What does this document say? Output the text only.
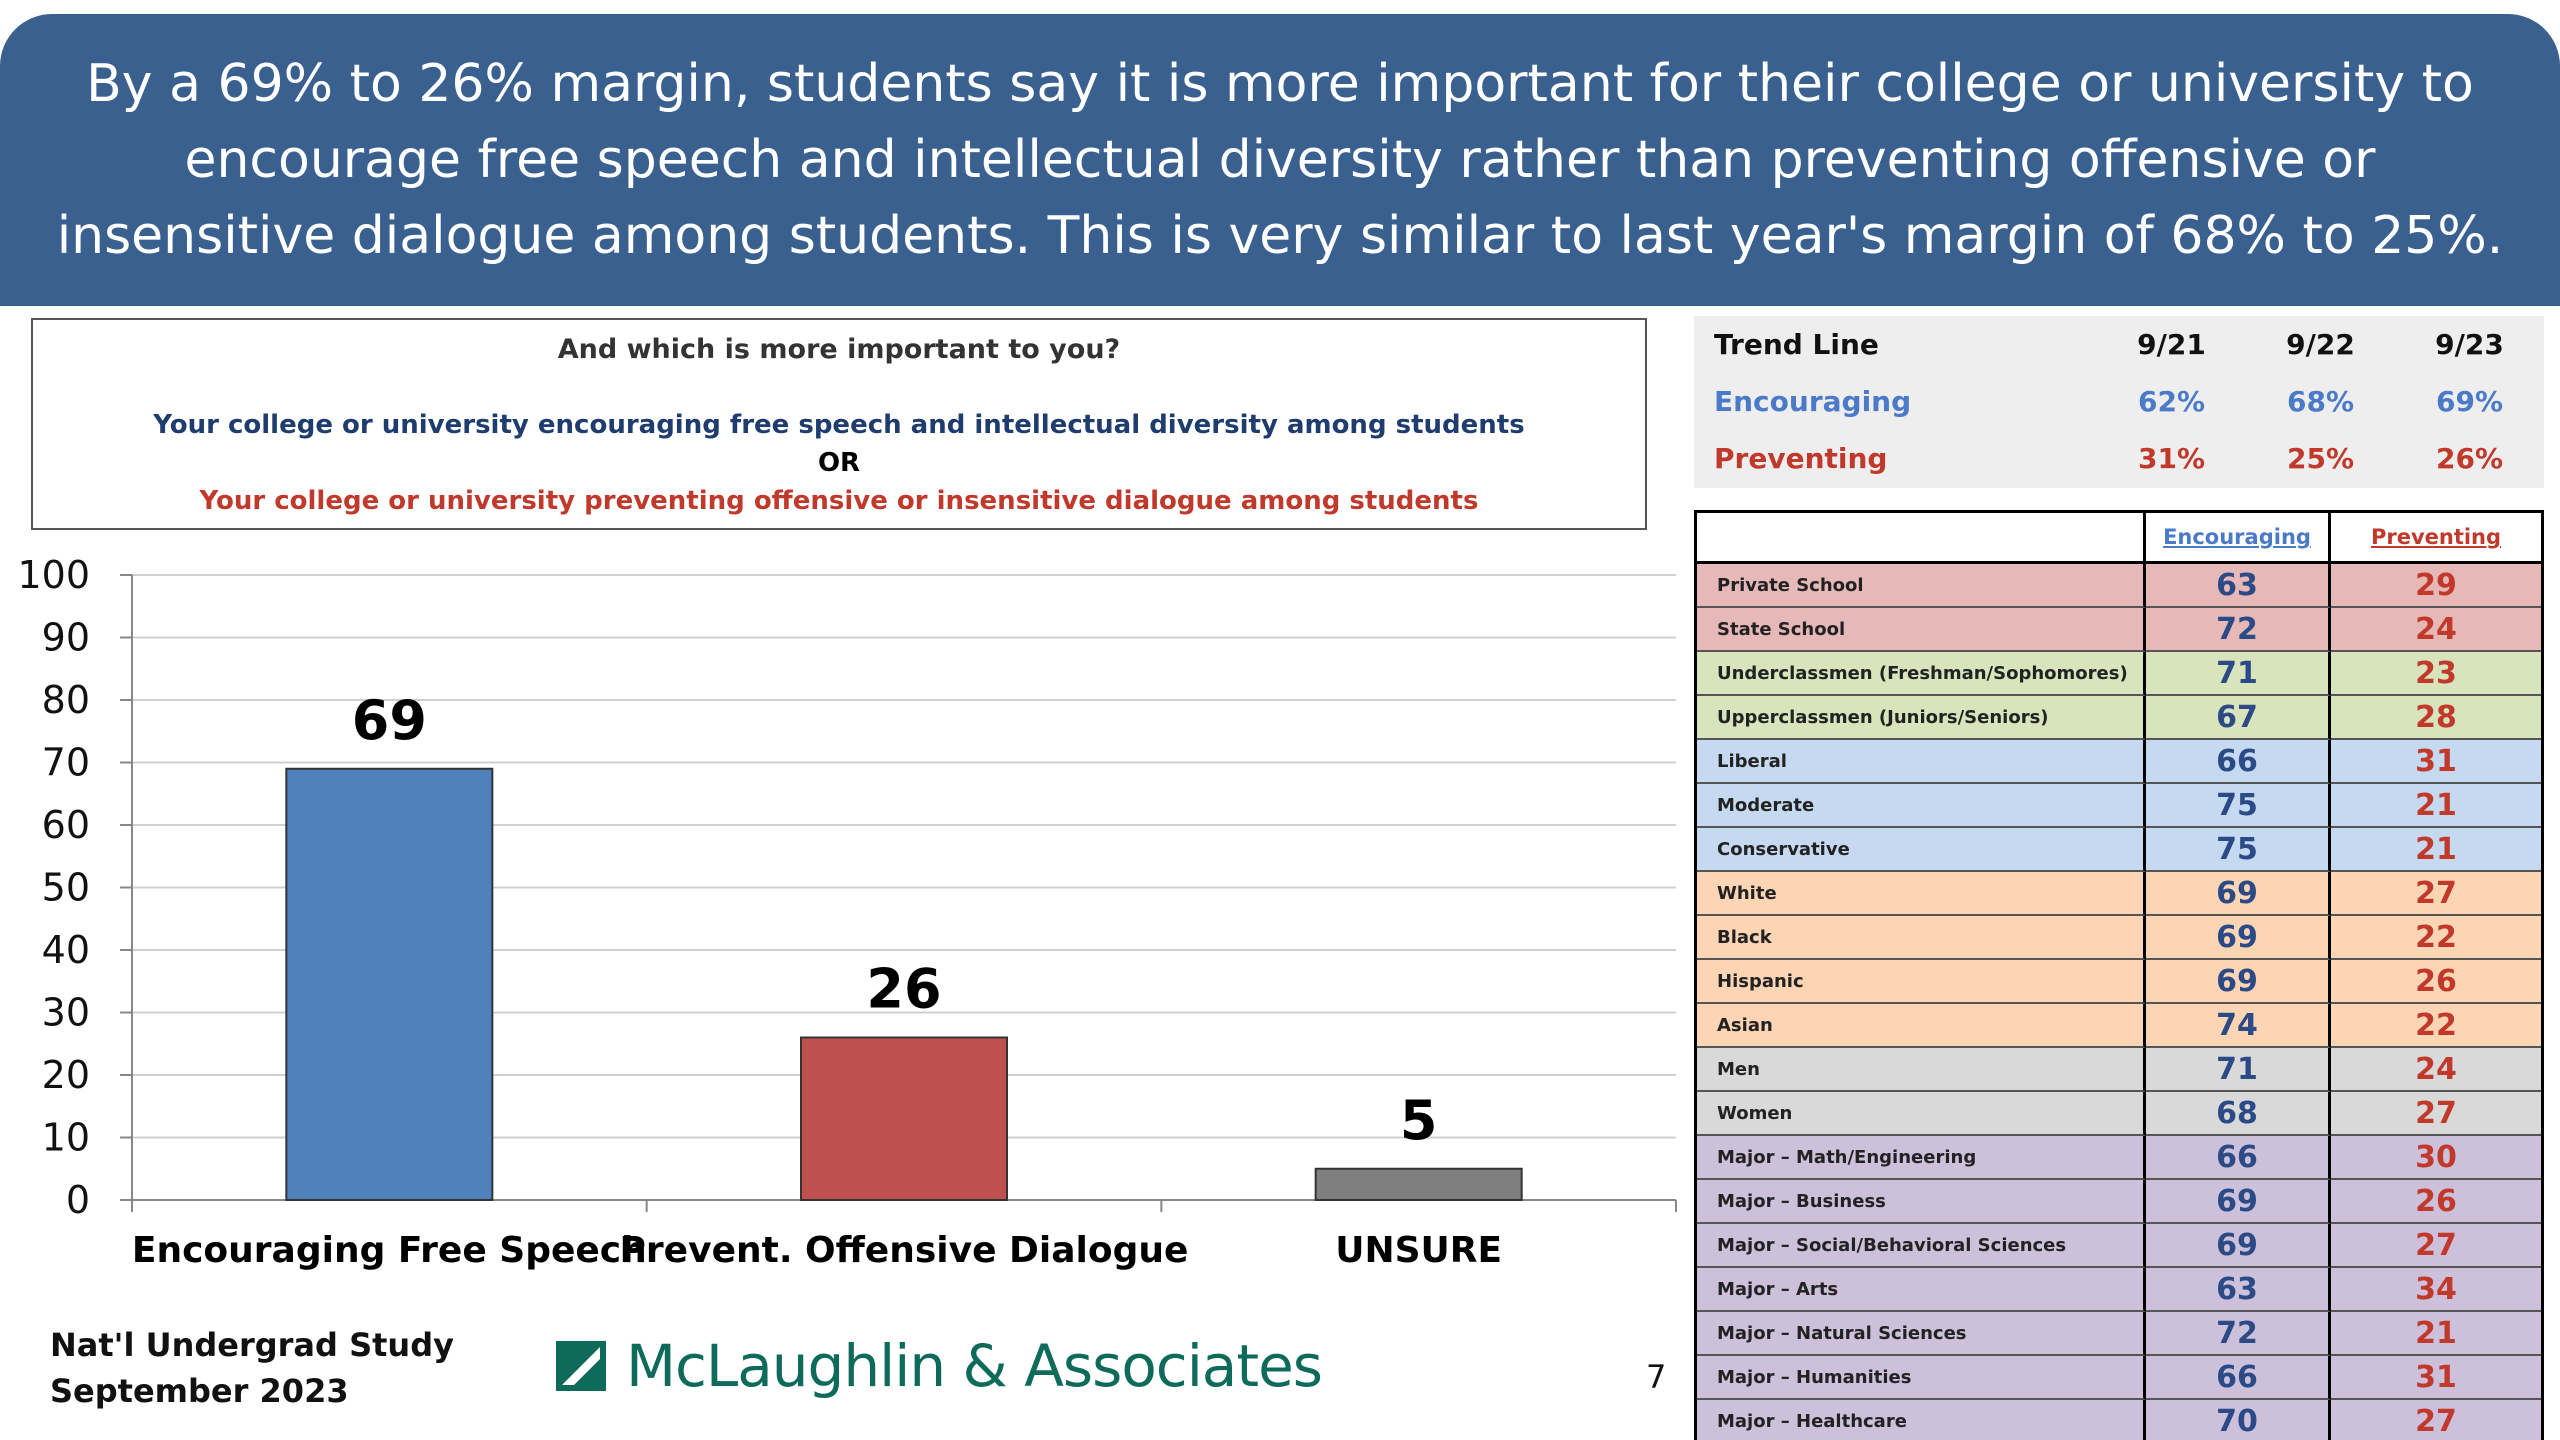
By a 69% to 26% margin, students say it is more important for their college or university to encourage free speech and intellectual diversity rather than preventing offensive or insensitive dialogue among students. This is very similar to last year's margin of 68% to 25%.
And which is more important to you?
Your college or university encouraging free speech and intellectual diversity among students
OR
Your college or university preventing offensive or insensitive dialogue among students
0
10
20
30
40
50
60
70
80
90
100
69
Encouraging Free Speech
26
Prevent. Offensive Dialogue
5
UNSURE
Nat'l Undergrad Study
September 2023	McLaughlin & Associates	7
Trend Line	9/21	9/22	9/23
Encouraging	62%	68%	69%
Preventing	31%	25%	26%
	Encouraging	Preventing
Private School	63	29
State School	72	24
Underclassmen (Freshman/Sophomores)	71	23
Upperclassmen (Juniors/Seniors)	67	28
Liberal	66	31
Moderate	75	21
Conservative	75	21
White	69	27
Black	69	22
Hispanic	69	26
Asian	74	22
Men	71	24
Women	68	27
Major – Math/Engineering	66	30
Major – Business	69	26
Major – Social/Behavioral Sciences	69	27
Major – Arts	63	34
Major – Natural Sciences	72	21
Major – Humanities	66	31
Major – Healthcare	70	27
